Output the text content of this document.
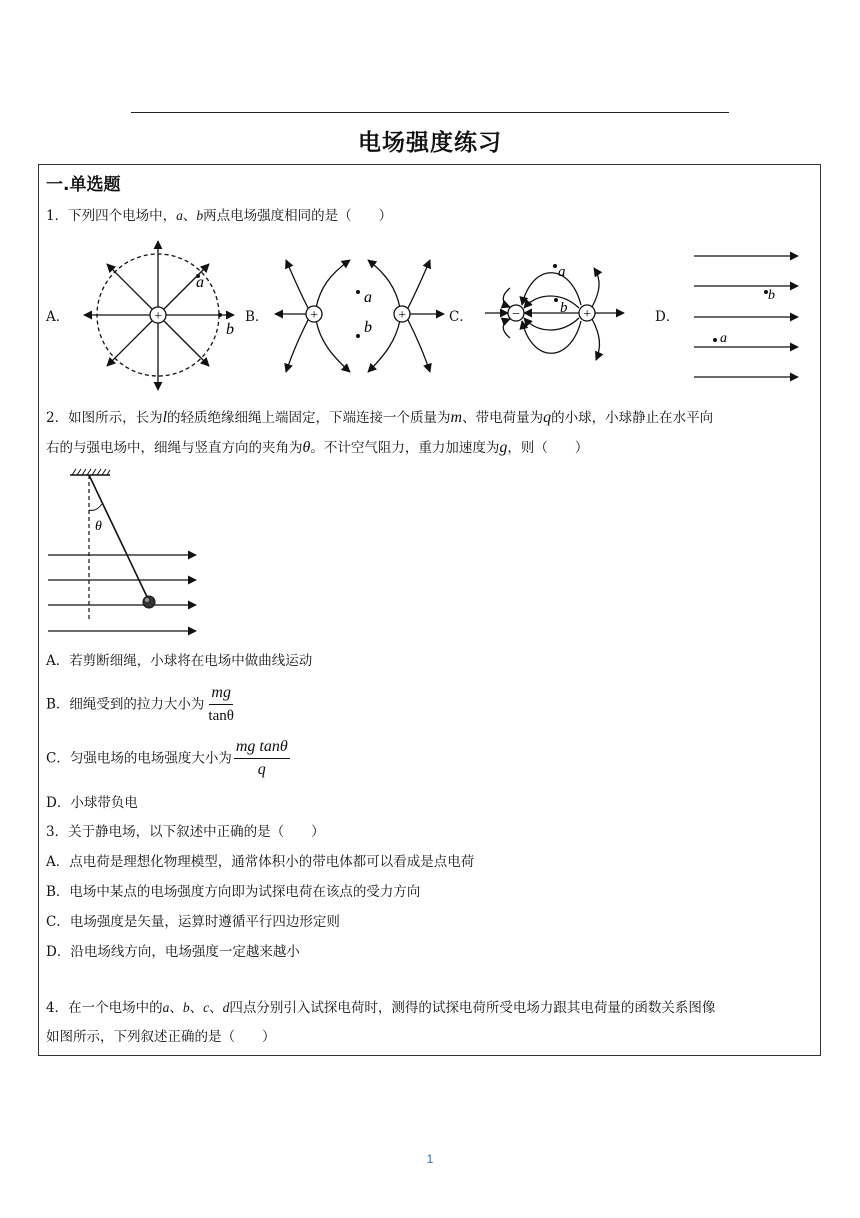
电场强度练习
一.单选题
1．下列四个电场中，a、b两点电场强度相同的是（　　）
A．	B．	C．	D．
+
a
b
+	+
a
b
−	+
a
b
b
a
2．如图所示，长为l的轻质绝缘细绳上端固定，下端连接一个质量为m、带电荷量为q的小球，小球静止在水平向
右的与强电场中，细绳与竖直方向的夹角为θ。不计空气阻力，重力加速度为g，则（　　）
θ
A．若剪断细绳，小球将在电场中做曲线运动
B．细绳受到的拉力大小为 $\frac{mg}{\tan\theta}$
C．匀强电场的电场强度大小为 $\frac{\text{mg tanθ}}{q}$
D．小球带负电
3．关于静电场，以下叙述中正确的是（　　）
A．点电荷是理想化物理模型，通常体积小的带电体都可以看成是点电荷
B．电场中某点的电场强度方向即为试探电荷在该点的受力方向
C．电场强度是矢量，运算时遵循平行四边形定则
D．沿电场线方向，电场强度一定越来越小
4．在一个电场中的a、b、c、d四点分别引入试探电荷时，测得的试探电荷所受电场力跟其电荷量的函数关系图像
如图所示，下列叙述正确的是（　　）
1
